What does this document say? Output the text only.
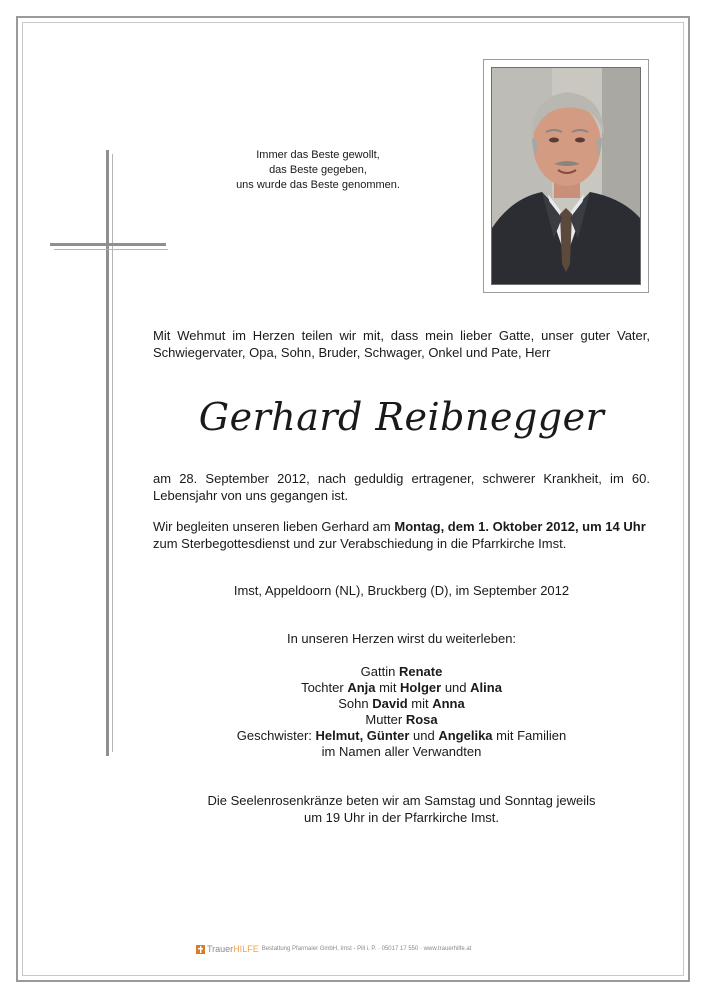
Immer das Beste gewollt,
das Beste gegeben,
uns wurde das Beste genommen.
Mit Wehmut im Herzen teilen wir mit, dass mein lieber Gatte, unser guter Vater, Schwiegervater, Opa, Sohn, Bruder, Schwager, Onkel und Pate, Herr
Gerhard Reibnegger
am 28. September 2012, nach geduldig ertragener, schwerer Krankheit, im 60. Lebensjahr von uns gegangen ist.
Wir begleiten unseren lieben Gerhard am Montag, dem 1. Oktober 2012, um 14 Uhr zum Sterbegottesdienst und zur Verabschiedung in die Pfarrkirche Imst.
Imst, Appeldoorn (NL), Bruckberg (D), im September 2012
In unseren Herzen wirst du weiterleben:
Gattin Renate
Tochter Anja mit Holger und Alina
Sohn David mit Anna
Mutter Rosa
Geschwister: Helmut, Günter und Angelika mit Familien
im Namen aller Verwandten
Die Seelenrosenkränze beten wir am Samstag und Sonntag jeweils
um 19 Uhr in der Pfarrkirche Imst.
TrauerHILFE Bestattung Pfarmaier GmbH, Imst - Pill i. P. · 05017 17 550 · www.trauerhilfe.at
